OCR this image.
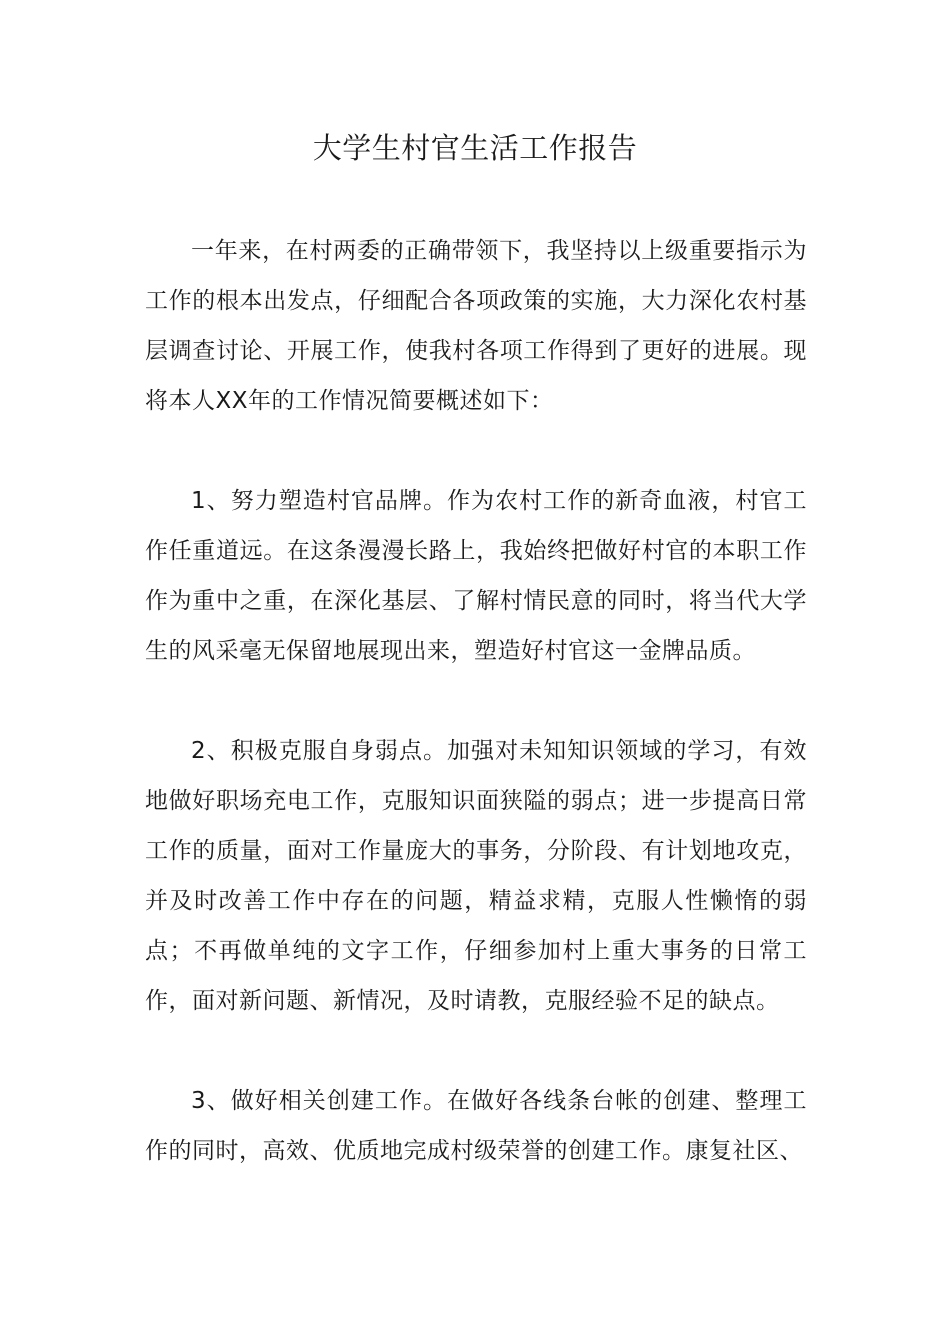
大学生村官生活工作报告

一年来，在村两委的正确带领下，我坚持以上级重要指示为工作的根本出发点，仔细配合各项政策的实施，大力深化农村基层调查讨论、开展工作，使我村各项工作得到了更好的进展。现将本人XX年的工作情况简要概述如下：

1、努力塑造村官品牌。作为农村工作的新奇血液，村官工作任重道远。在这条漫漫长路上，我始终把做好村官的本职工作作为重中之重，在深化基层、了解村情民意的同时，将当代大学生的风采毫无保留地展现出来，塑造好村官这一金牌品质。

2、积极克服自身弱点。加强对未知知识领域的学习，有效地做好职场充电工作，克服知识面狭隘的弱点；进一步提高日常工作的质量，面对工作量庞大的事务，分阶段、有计划地攻克，并及时改善工作中存在的问题，精益求精，克服人性懒惰的弱点；不再做单纯的文字工作，仔细参加村上重大事务的日常工作，面对新问题、新情况，及时请教，克服经验不足的缺点。

3、做好相关创建工作。在做好各线条台帐的创建、整理工作的同时，高效、优质地完成村级荣誉的创建工作。康复社区、
